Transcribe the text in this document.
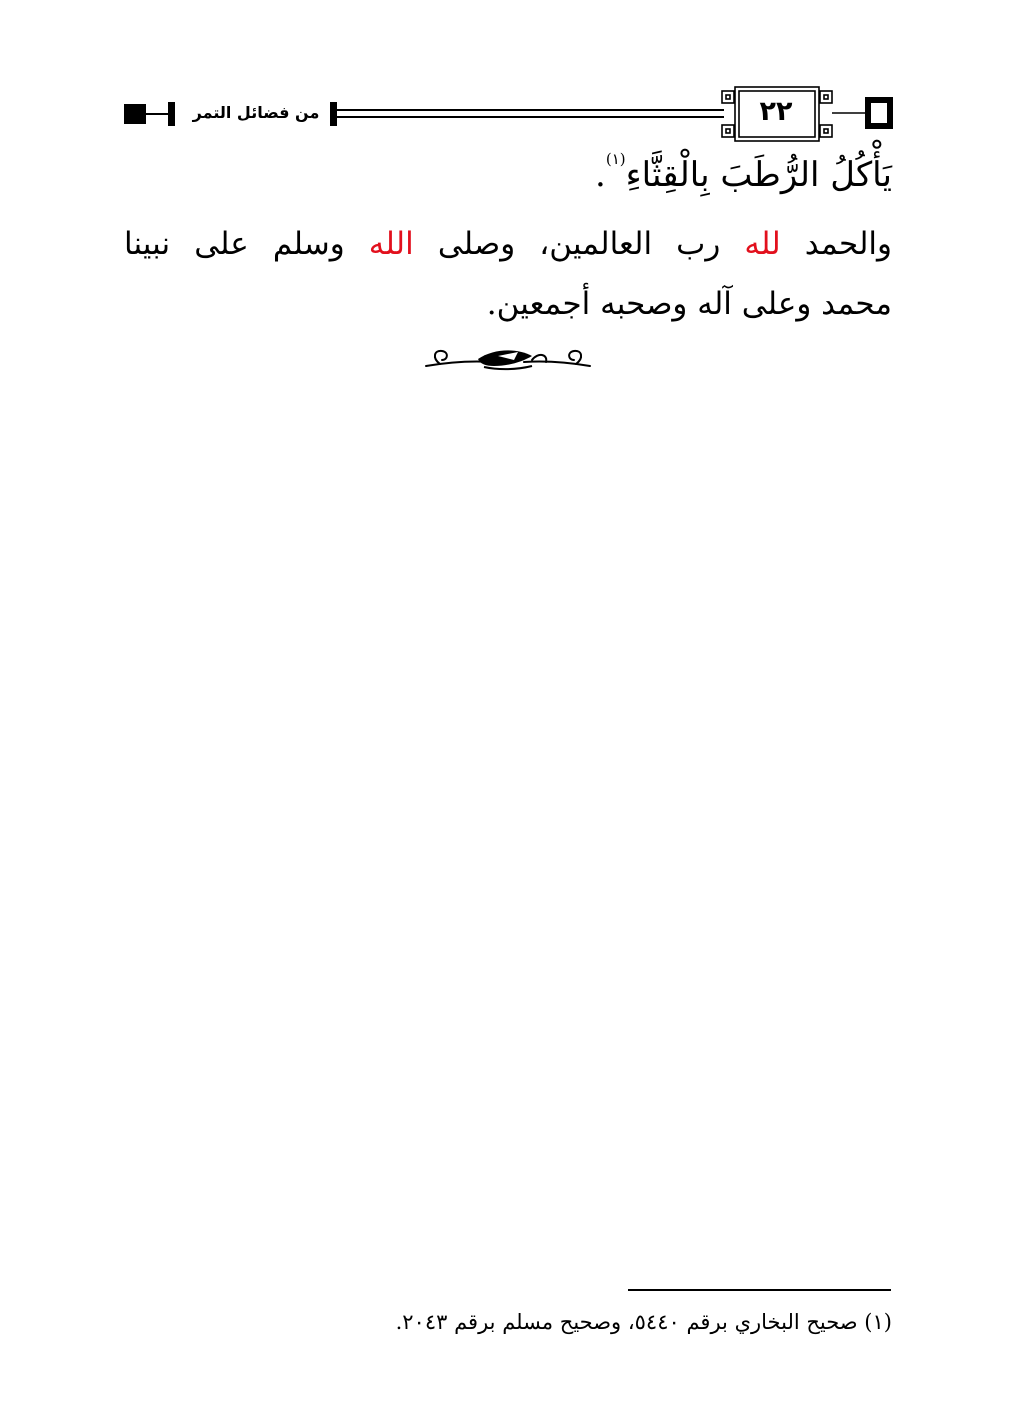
٢٢
من فضائل التمر

يَأْكُلُ الرُّطَبَ بِالْقِثَّاءِ$^{(١)}$.

والحمد لله رب العالمين، وصلى الله وسلم على نبينا

محمد وعلى آله وصحبه أجمعين.

(١) صحيح البخاري برقم ٥٤٤٠، وصحيح مسلم برقم ٢٠٤٣.
